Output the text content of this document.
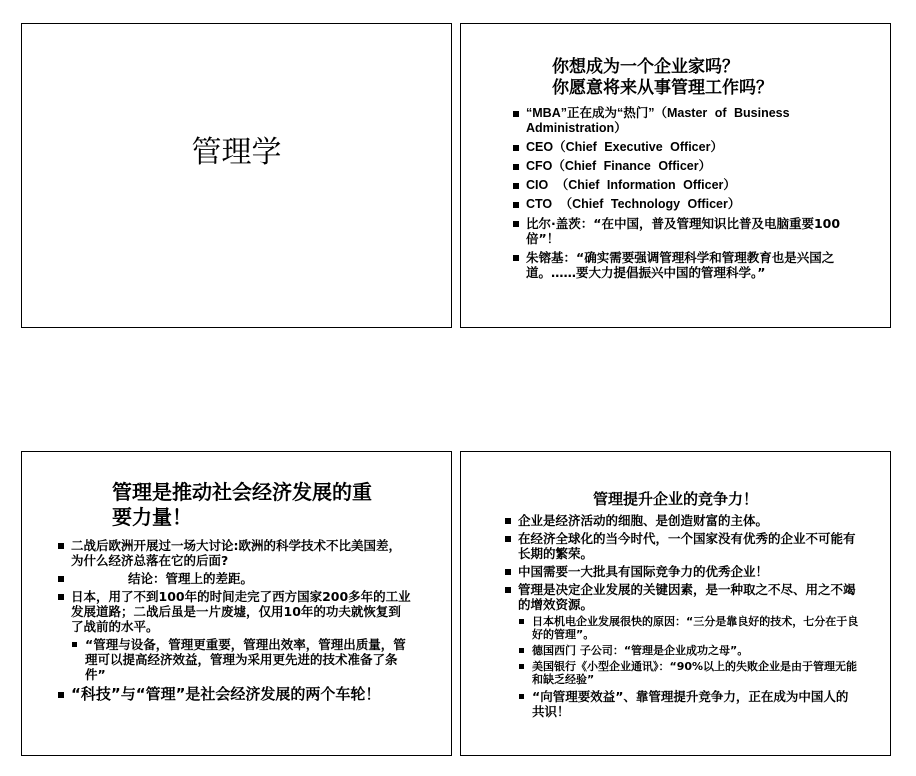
管理学
你想成为一个企业家吗？
你愿意将来从事管理工作吗？
“MBA”正在成为“热门”（Master of Business Administration）
CEO（Chief Executive Officer）
CFO（Chief Finance Officer）
CIO （Chief Information Officer）
CTO （Chief Technology Officer）
比尔·盖茨：“在中国，普及管理知识比普及电脑重要100倍”！
朱镕基：“确实需要强调管理科学和管理教育也是兴国之道。……要大力提倡振兴中国的管理科学。”
管理是推动社会经济发展的重
要力量！
二战后欧洲开展过一场大讨论:欧洲的科学技术不比美国差，为什么经济总落在它的后面?
结论：管理上的差距。
日本，用了不到100年的时间走完了西方国家200多年的工业发展道路；二战后虽是一片废墟，仅用10年的功夫就恢复到了战前的水平。
“管理与设备，管理更重要，管理出效率，管理出质量，管理可以提高经济效益，管理为采用更先进的技术准备了条件”
“科技”与“管理”是社会经济发展的两个车轮！
管理提升企业的竞争力！
企业是经济活动的细胞、是创造财富的主体。
在经济全球化的当今时代，一个国家没有优秀的企业不可能有长期的繁荣。
中国需要一大批具有国际竞争力的优秀企业！
管理是决定企业发展的关键因素，是一种取之不尽、用之不竭的增效资源。
日本机电企业发展很快的原因：“三分是靠良好的技术，七分在于良好的管理”。
德国西门 子公司：“管理是企业成功之母”。
美国银行《小型企业通讯》：“90%以上的失败企业是由于管理无能和缺乏经验”
“向管理要效益”、靠管理提升竞争力，正在成为中国人的共识！
